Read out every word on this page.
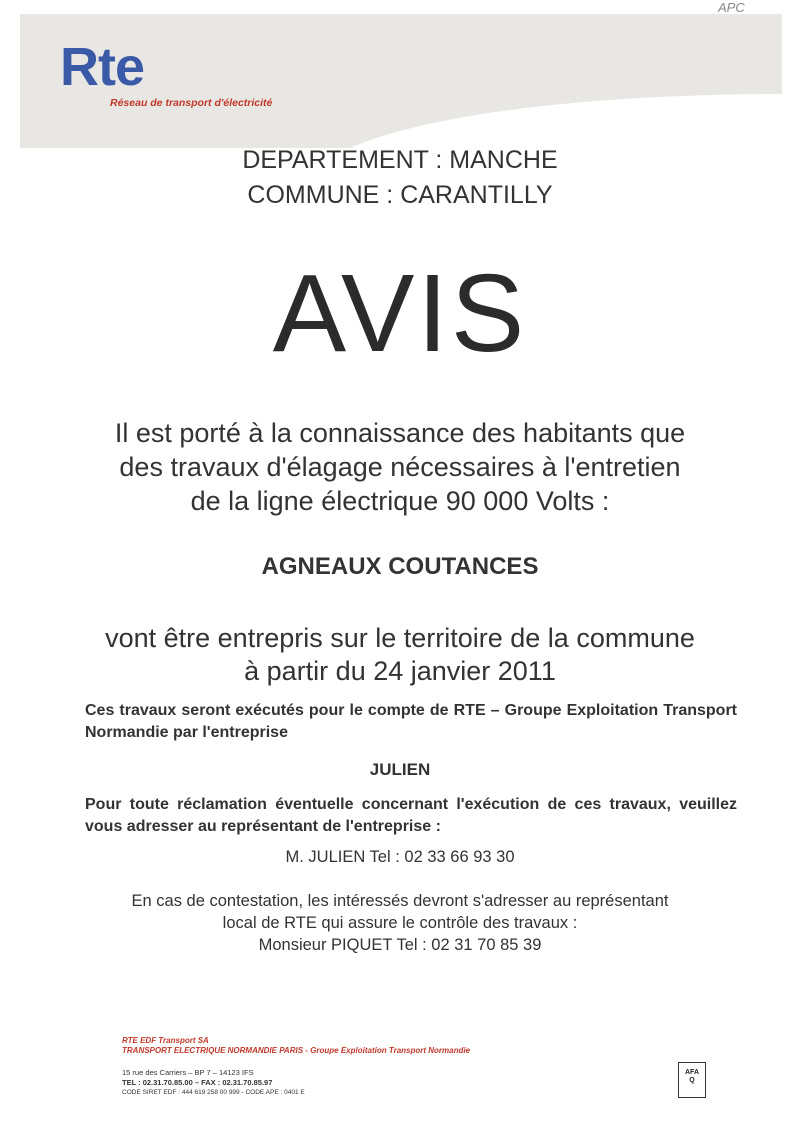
APC
Rte
Réseau de transport d'électricité
DEPARTEMENT : MANCHE
COMMUNE : CARANTILLY
AVIS
Il est porté à la connaissance des habitants que
des travaux d'élagage nécessaires à l'entretien
de la ligne électrique 90 000 Volts :
AGNEAUX COUTANCES
vont être entrepris sur le territoire de la commune
à partir du 24 janvier 2011
Ces travaux seront exécutés pour le compte de RTE – Groupe Exploitation Transport Normandie par l'entreprise
JULIEN
Pour toute réclamation éventuelle concernant l'exécution de ces travaux, veuillez vous adresser au représentant de l'entreprise :
M. JULIEN Tel : 02 33 66 93 30
En cas de contestation, les intéressés devront s'adresser au représentant
local de RTE qui assure le contrôle des travaux :
Monsieur PIQUET Tel : 02 31 70 85 39
RTE EDF Transport SA
TRANSPORT ELECTRIQUE NORMANDIE PARIS - Groupe Exploitation Transport Normandie
15 rue des Carriers – BP 7 – 14123 IFS
TEL : 02.31.70.85.00 – FAX : 02.31.70.85.97
CODE SIRET EDF : 444 619 258 00 999 - CODE APE : 0401 E
AFAQ
